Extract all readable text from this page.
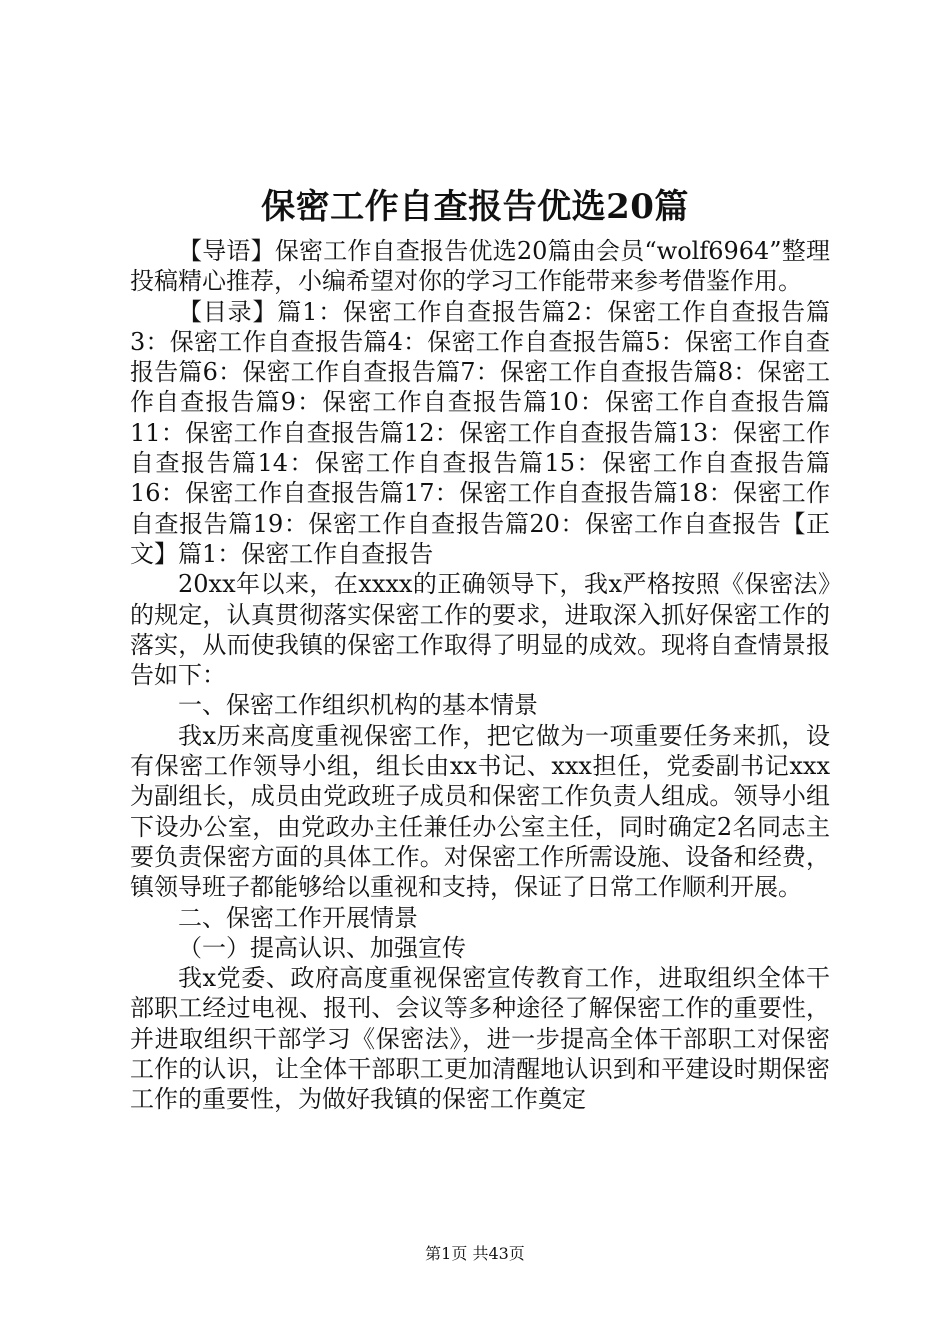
保密工作自查报告优选20篇

【导语】保密工作自查报告优选20篇由会员“wolf6964”整理投稿精心推荐，小编希望对你的学习工作能带来参考借鉴作用。

【目录】篇1：保密工作自查报告篇2：保密工作自查报告篇3：保密工作自查报告篇4：保密工作自查报告篇5：保密工作自查报告篇6：保密工作自查报告篇7：保密工作自查报告篇8：保密工作自查报告篇9：保密工作自查报告篇10：保密工作自查报告篇11：保密工作自查报告篇12：保密工作自查报告篇13：保密工作自查报告篇14：保密工作自查报告篇15：保密工作自查报告篇16：保密工作自查报告篇17：保密工作自查报告篇18：保密工作自查报告篇19：保密工作自查报告篇20：保密工作自查报告【正文】篇1：保密工作自查报告

20xx年以来，在xxxx的正确领导下，我x严格按照《保密法》的规定，认真贯彻落实保密工作的要求，进取深入抓好保密工作的落实，从而使我镇的保密工作取得了明显的成效。现将自查情景报告如下：

一、保密工作组织机构的基本情景

我x历来高度重视保密工作，把它做为一项重要任务来抓，设有保密工作领导小组，组长由xx书记、xxx担任，党委副书记xxx为副组长，成员由党政班子成员和保密工作负责人组成。领导小组下设办公室，由党政办主任兼任办公室主任，同时确定2名同志主要负责保密方面的具体工作。对保密工作所需设施、设备和经费，镇领导班子都能够给以重视和支持，保证了日常工作顺利开展。

二、保密工作开展情景

（一）提高认识、加强宣传

我x党委、政府高度重视保密宣传教育工作，进取组织全体干部职工经过电视、报刊、会议等多种途径了解保密工作的重要性，并进取组织干部学习《保密法》，进一步提高全体干部职工对保密工作的认识，让全体干部职工更加清醒地认识到和平建设时期保密工作的重要性，为做好我镇的保密工作奠定

第1页 共43页
